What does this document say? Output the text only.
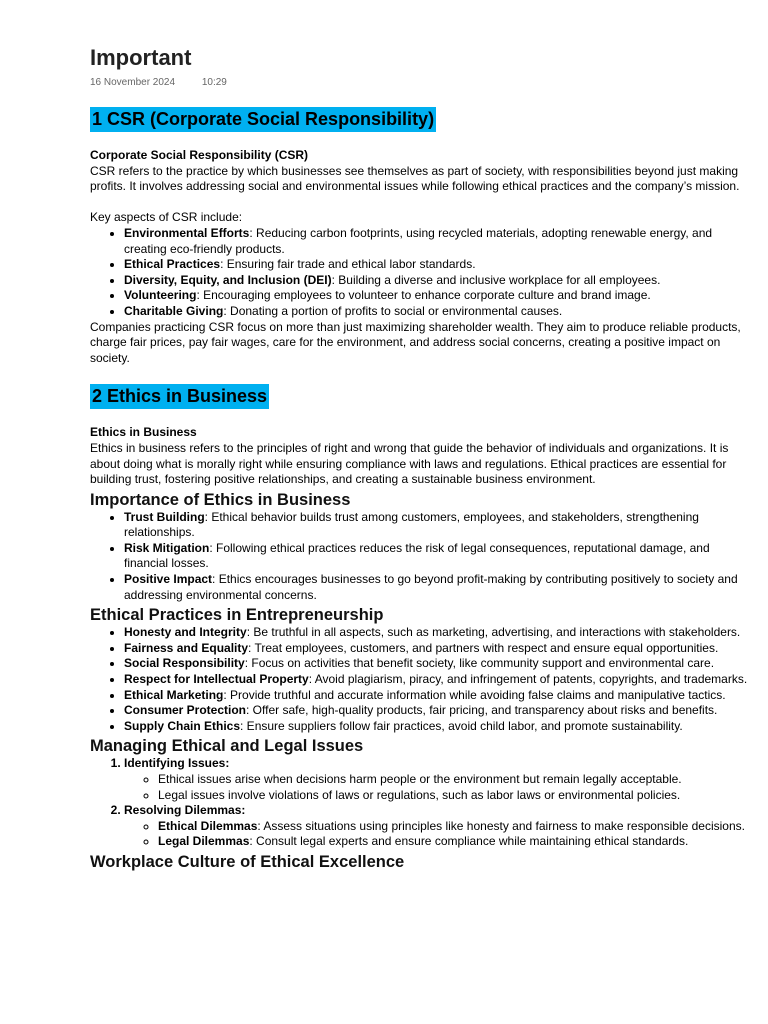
Important
16 November 2024	10:29
1 CSR (Corporate Social Responsibility)
Corporate Social Responsibility (CSR)

CSR refers to the practice by which businesses see themselves as part of society, with responsibilities beyond just making profits. It involves addressing social and environmental issues while following ethical practices and the company’s mission.

Key aspects of CSR include:

• Environmental Efforts: Reducing carbon footprints, using recycled materials, adopting renewable energy, and creating eco-friendly products.
• Ethical Practices: Ensuring fair trade and ethical labor standards.
• Diversity, Equity, and Inclusion (DEI): Building a diverse and inclusive workplace for all employees.
• Volunteering: Encouraging employees to volunteer to enhance corporate culture and brand image.
• Charitable Giving: Donating a portion of profits to social or environmental causes.

Companies practicing CSR focus on more than just maximizing shareholder wealth. They aim to produce reliable products, charge fair prices, pay fair wages, care for the environment, and address social concerns, creating a positive impact on society.

2 Ethics in Business
Ethics in Business

Ethics in business refers to the principles of right and wrong that guide the behavior of individuals and organizations. It is about doing what is morally right while ensuring compliance with laws and regulations. Ethical practices are essential for building trust, fostering positive relationships, and creating a sustainable business environment.

Importance of Ethics in Business
• Trust Building: Ethical behavior builds trust among customers, employees, and stakeholders, strengthening relationships.
• Risk Mitigation: Following ethical practices reduces the risk of legal consequences, reputational damage, and financial losses.
• Positive Impact: Ethics encourages businesses to go beyond profit-making by contributing positively to society and addressing environmental concerns.
Ethical Practices in Entrepreneurship
• Honesty and Integrity: Be truthful in all aspects, such as marketing, advertising, and interactions with stakeholders.
• Fairness and Equality: Treat employees, customers, and partners with respect and ensure equal opportunities.
• Social Responsibility: Focus on activities that benefit society, like community support and environmental care.
• Respect for Intellectual Property: Avoid plagiarism, piracy, and infringement of patents, copyrights, and trademarks.
• Ethical Marketing: Provide truthful and accurate information while avoiding false claims and manipulative tactics.
• Consumer Protection: Offer safe, high-quality products, fair pricing, and transparency about risks and benefits.
• Supply Chain Ethics: Ensure suppliers follow fair practices, avoid child labor, and promote sustainability.
Managing Ethical and Legal Issues
1. Identifying Issues:
◦ Ethical issues arise when decisions harm people or the environment but remain legally acceptable.
◦ Legal issues involve violations of laws or regulations, such as labor laws or environmental policies.
2. Resolving Dilemmas:
◦ Ethical Dilemmas: Assess situations using principles like honesty and fairness to make responsible decisions.
◦ Legal Dilemmas: Consult legal experts and ensure compliance while maintaining ethical standards.
Workplace Culture of Ethical Excellence
